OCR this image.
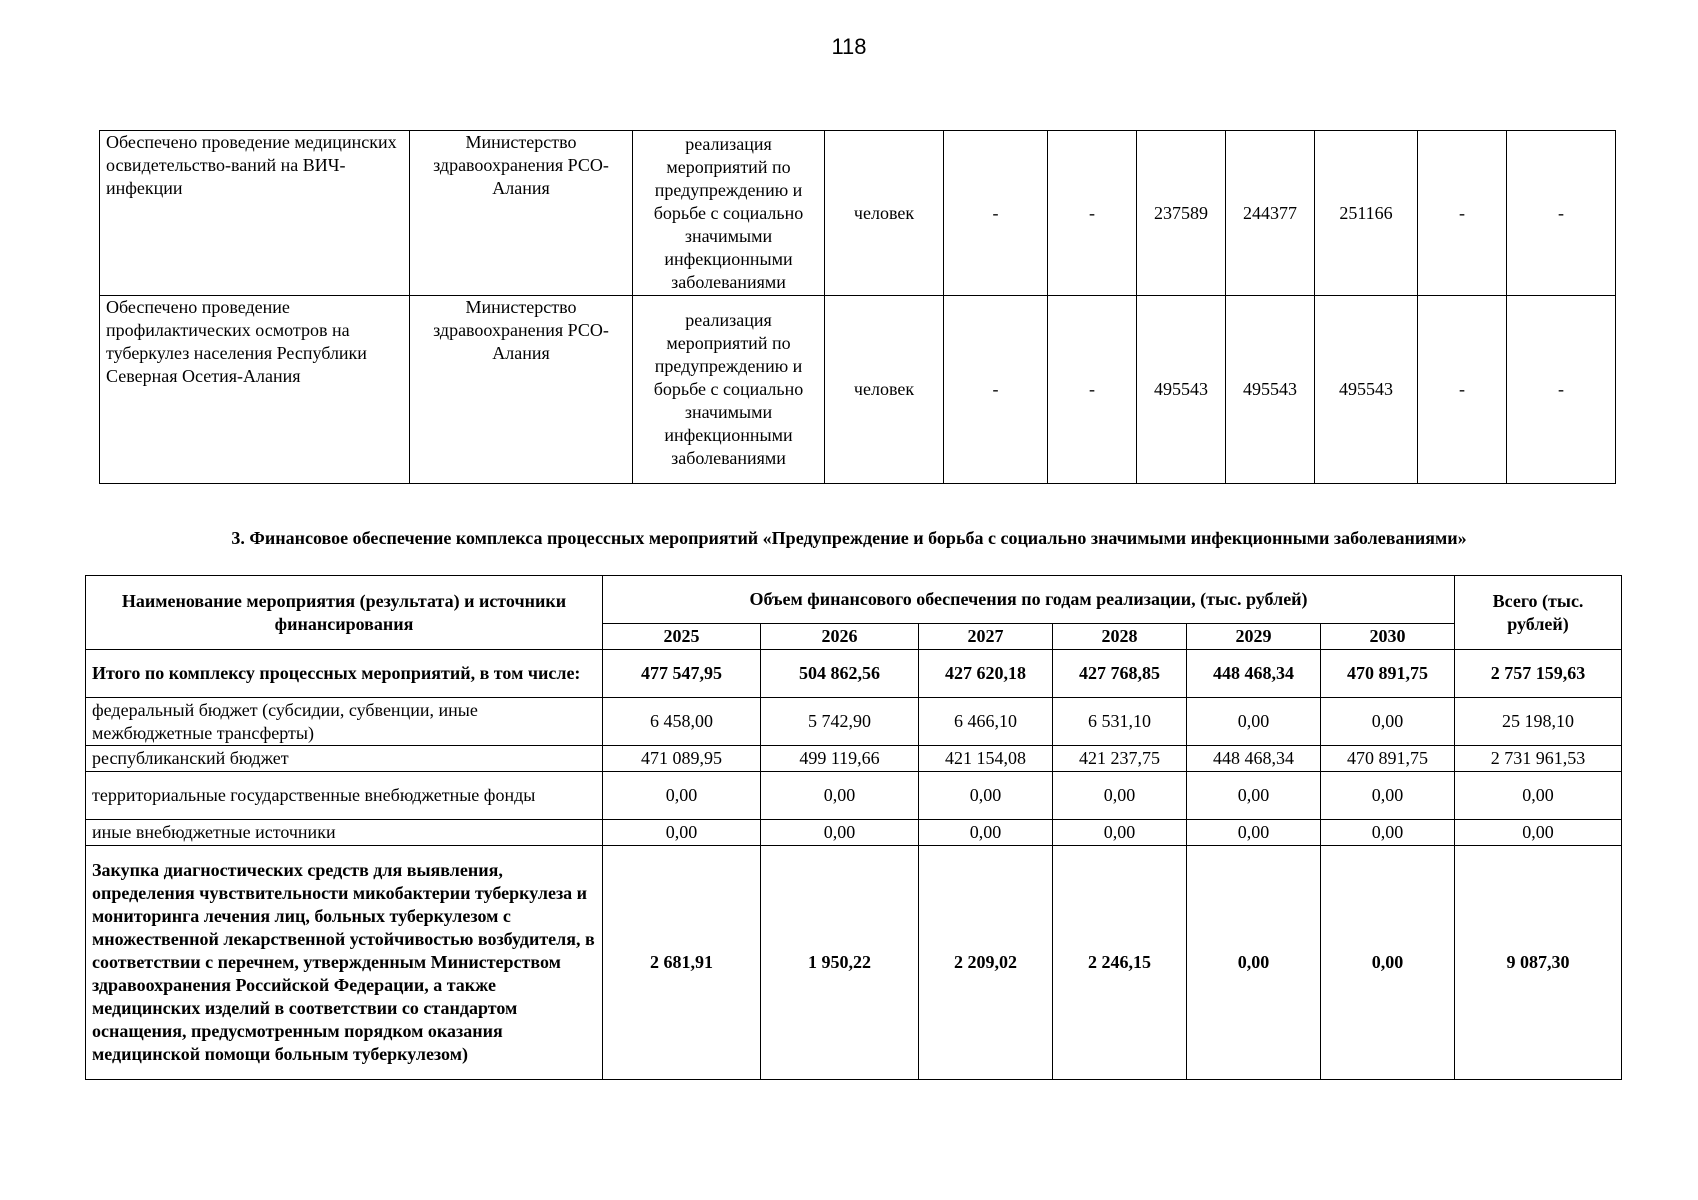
118
Обеспечено проведение медицинских освидетельство-ваний на ВИЧ-инфекции	Министерство здравоохранения РСО-Алания	реализация мероприятий по предупреждению и борьбе с социально значимыми инфекционными заболеваниями	человек	-	-	237589	244377	251166	-	-
Обеспечено проведение профилактических осмотров на туберкулез населения Республики Северная Осетия-Алания	Министерство здравоохранения РСО-Алания	реализация мероприятий по предупреждению и борьбе с социально значимыми инфекционными заболеваниями	человек	-	-	495543	495543	495543	-	-
3. Финансовое обеспечение комплекса процессных мероприятий «Предупреждение и борьба с социально значимыми инфекционными заболеваниями»
Наименование мероприятия (результата) и источники финансирования	Объем финансового обеспечения по годам реализации, (тыс. рублей)						Всего (тыс. рублей)
	2025	2026	2027	2028	2029	2030	
Итого по комплексу процессных мероприятий, в том числе:	477 547,95	504 862,56	427 620,18	427 768,85	448 468,34	470 891,75	2 757 159,63
федеральный бюджет (субсидии, субвенции, иные межбюджетные трансферты)	6 458,00	5 742,90	6 466,10	6 531,10	0,00	0,00	25 198,10
республиканский бюджет	471 089,95	499 119,66	421 154,08	421 237,75	448 468,34	470 891,75	2 731 961,53
территориальные государственные внебюджетные фонды	0,00	0,00	0,00	0,00	0,00	0,00	0,00
иные внебюджетные источники	0,00	0,00	0,00	0,00	0,00	0,00	0,00
Закупка диагностических средств для выявления, определения чувствительности микобактерии туберкулеза и мониторинга лечения лиц, больных туберкулезом с множественной лекарственной устойчивостью возбудителя, в соответствии с перечнем, утвержденным Министерством здравоохранения Российской Федерации, а также медицинских изделий в соответствии со стандартом оснащения, предусмотренным порядком оказания медицинской помощи больным туберкулезом)	2 681,91	1 950,22	2 209,02	2 246,15	0,00	0,00	9 087,30
